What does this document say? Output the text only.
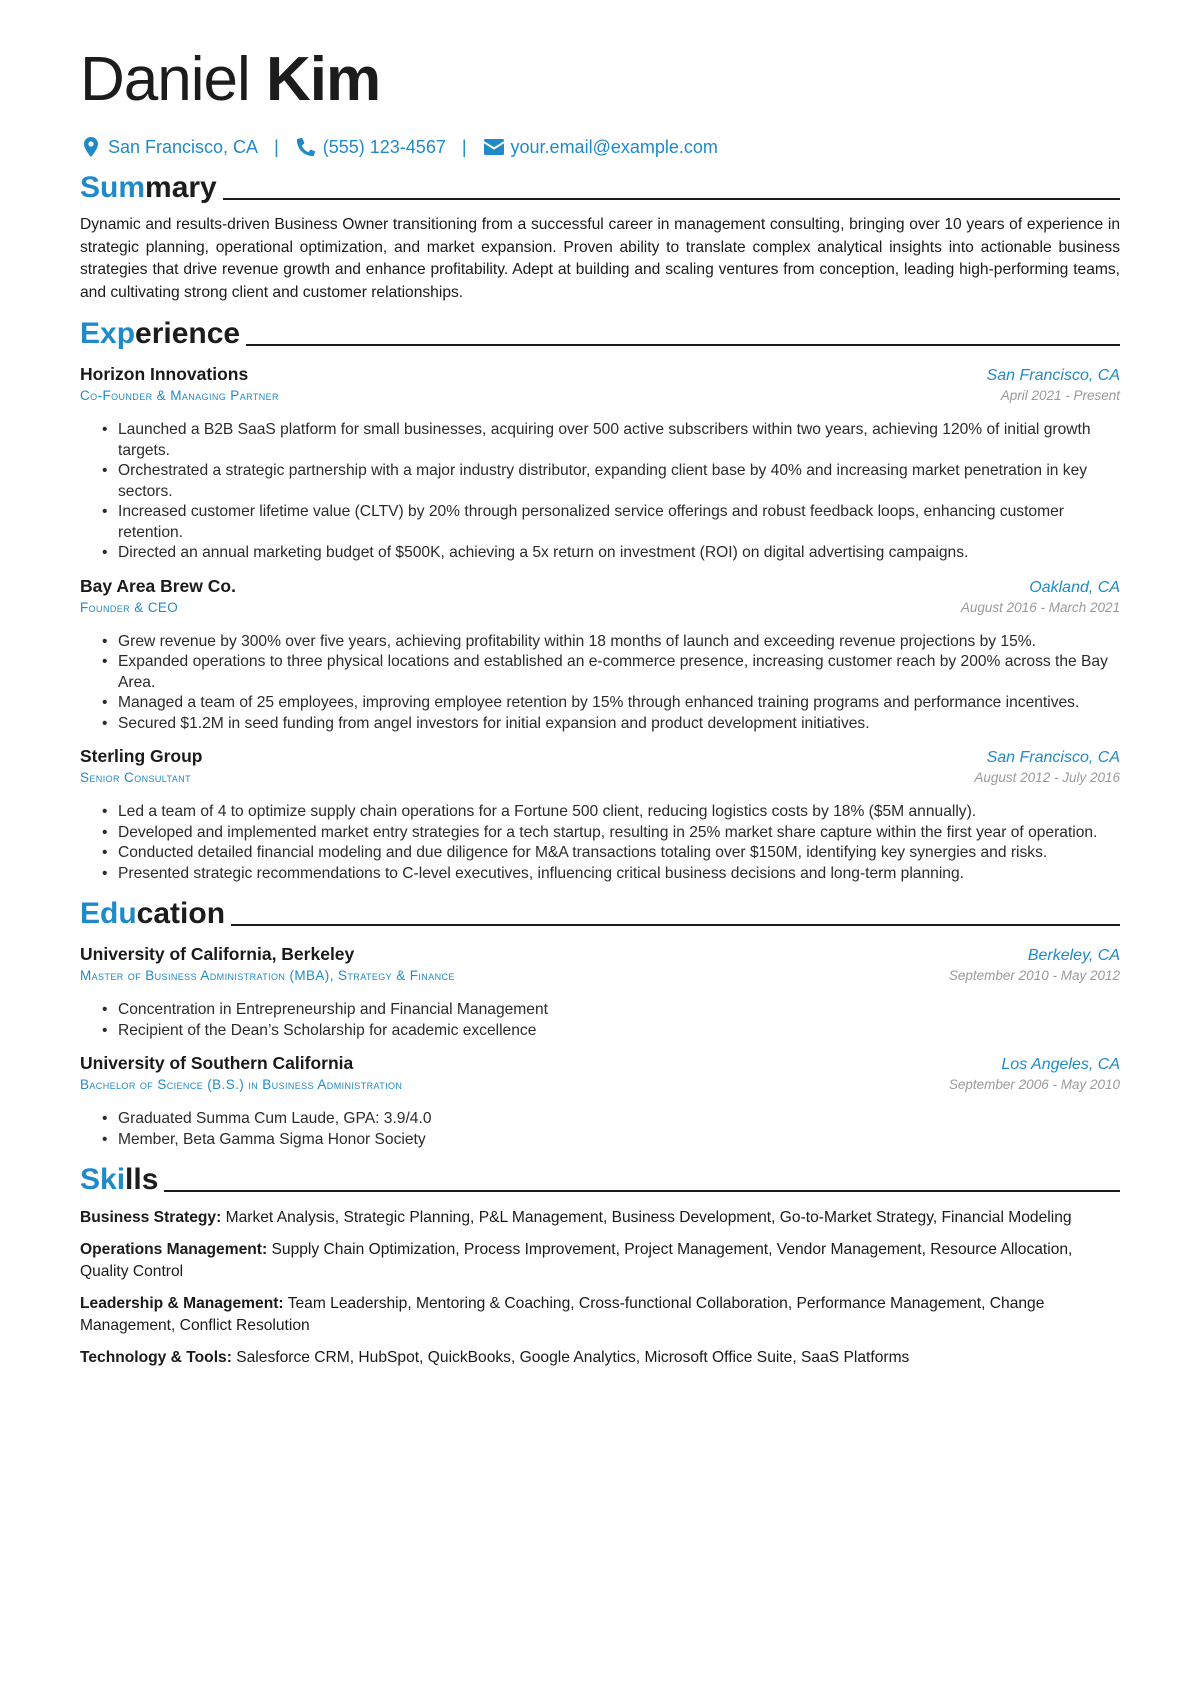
Daniel Kim
San Francisco, CA | (555) 123-4567 | your.email@example.com
Summary

Dynamic and results-driven Business Owner transitioning from a successful career in management consulting, bringing over 10 years of experience in strategic planning, operational optimization, and market expansion. Proven ability to translate complex analytical insights into actionable business strategies that drive revenue growth and enhance profitability. Adept at building and scaling ventures from conception, leading high-performing teams, and cultivating strong client and customer relationships.

Experience
Horizon Innovations	San Francisco, CA
Co-Founder & Managing Partner	April 2021 - Present
• Launched a B2B SaaS platform for small businesses, acquiring over 500 active subscribers within two years, achieving 120% of initial growth targets.
• Orchestrated a strategic partnership with a major industry distributor, expanding client base by 40% and increasing market penetration in key sectors.
• Increased customer lifetime value (CLTV) by 20% through personalized service offerings and robust feedback loops, enhancing customer retention.
• Directed an annual marketing budget of $500K, achieving a 5x return on investment (ROI) on digital advertising campaigns.
Bay Area Brew Co.	Oakland, CA
Founder & CEO	August 2016 - March 2021
• Grew revenue by 300% over five years, achieving profitability within 18 months of launch and exceeding revenue projections by 15%.
• Expanded operations to three physical locations and established an e-commerce presence, increasing customer reach by 200% across the Bay Area.
• Managed a team of 25 employees, improving employee retention by 15% through enhanced training programs and performance incentives.
• Secured $1.2M in seed funding from angel investors for initial expansion and product development initiatives.
Sterling Group	San Francisco, CA
Senior Consultant	August 2012 - July 2016
• Led a team of 4 to optimize supply chain operations for a Fortune 500 client, reducing logistics costs by 18% ($5M annually).
• Developed and implemented market entry strategies for a tech startup, resulting in 25% market share capture within the first year of operation.
• Conducted detailed financial modeling and due diligence for M&A transactions totaling over $150M, identifying key synergies and risks.
• Presented strategic recommendations to C-level executives, influencing critical business decisions and long-term planning.
Education
University of California, Berkeley	Berkeley, CA
Master of Business Administration (MBA), Strategy & Finance	September 2010 - May 2012
• Concentration in Entrepreneurship and Financial Management
• Recipient of the Dean’s Scholarship for academic excellence
University of Southern California	Los Angeles, CA
Bachelor of Science (B.S.) in Business Administration	September 2006 - May 2010
• Graduated Summa Cum Laude, GPA: 3.9/4.0
• Member, Beta Gamma Sigma Honor Society
Skills

Business Strategy: Market Analysis, Strategic Planning, P&L Management, Business Development, Go-to-Market Strategy, Financial Modeling

Operations Management: Supply Chain Optimization, Process Improvement, Project Management, Vendor Management, Resource Allocation, Quality Control

Leadership & Management: Team Leadership, Mentoring & Coaching, Cross-functional Collaboration, Performance Management, Change Management, Conflict Resolution

Technology & Tools: Salesforce CRM, HubSpot, QuickBooks, Google Analytics, Microsoft Office Suite, SaaS Platforms
